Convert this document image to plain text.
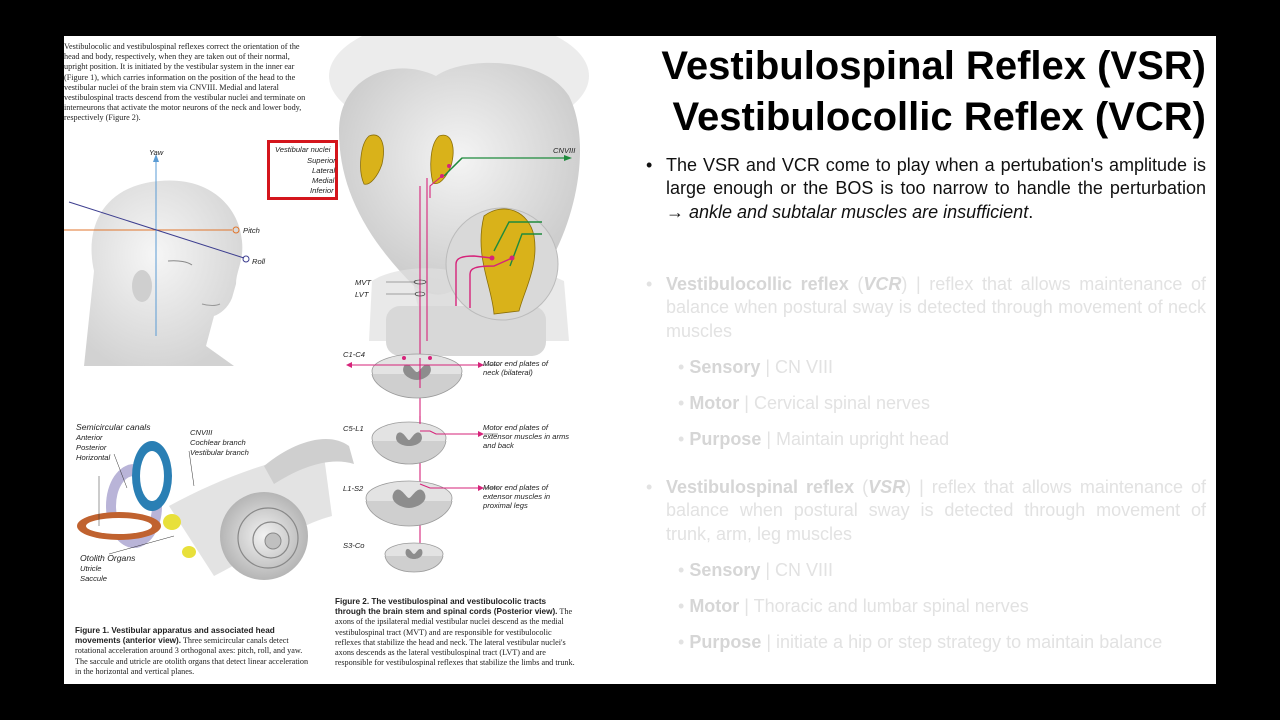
Vestibulocolic and vestibulospinal reflexes correct the orientation of the head and body, respectively, when they are taken out of their normal, upright position. It is initiated by the vestibular system in the inner ear (Figure 1), which carries information on the position of the head to the vestibular nuclei of the brain stem via CNVIII. Medial and lateral vestibulospinal tracts descend from the vestibular nuclei and terminate on interneurons that activate the motor neurons of the neck and lower body, respectively (Figure 2).
Yaw
Pitch
Roll
Vestibular nuclei
Superior
Lateral
Medial
Inferior
CNVIII
MVT
LVT
C1-C4
C5-L1
L1-S2
S3-Co
Motor end plates of neck (bilateral)
Motor end plates of extensor muscles in arms and back
Motor end plates of extensor muscles in proximal legs
Semicircular canals
Anterior
Posterior
Horizontal
CNVIII
Cochlear branch
Vestibular branch
Otolith Organs
Utricle
Saccule
Figure 1. Vestibular apparatus and associated head movements (anterior view). Three semicircular canals detect rotational acceleration around 3 orthogonal axes: pitch, roll, and yaw. The saccule and utricle are otolith organs that detect linear acceleration in the horizontal and vertical planes.
Figure 2. The vestibulospinal and vestibulocolic tracts through the brain stem and spinal cords (Posterior view). The axons of the ipsilateral medial vestibular nuclei descend as the medial vestibulospinal tract (MVT) and are responsible for vestibulocolic reflexes that stabilize the head and neck. The lateral vestibular nuclei's axons descends as the lateral vestibulospinal tract (LVT) and are responsible for vestibulospinal reflexes that stabilize the limbs and trunk.
Vestibulospinal Reflex (VSR)
Vestibulocollic Reflex (VCR)
• The VSR and VCR come to play when a pertubation's amplitude is large enough or the BOS is too narrow to handle the perturbation → ankle and subtalar muscles are insufficient.
• Vestibulocollic reflex (VCR) | reflex that allows maintenance of balance when postural sway is detected through movement of neck muscles
• Sensory | CN VIII
• Motor | Cervical spinal nerves
• Purpose | Maintain upright head
• Vestibulospinal reflex (VSR) | reflex that allows maintenance of balance when postural sway is detected through movement of trunk, arm, leg muscles
• Sensory | CN VIII
• Motor | Thoracic and lumbar spinal nerves
• Purpose | initiate a hip or step strategy to maintain balance
